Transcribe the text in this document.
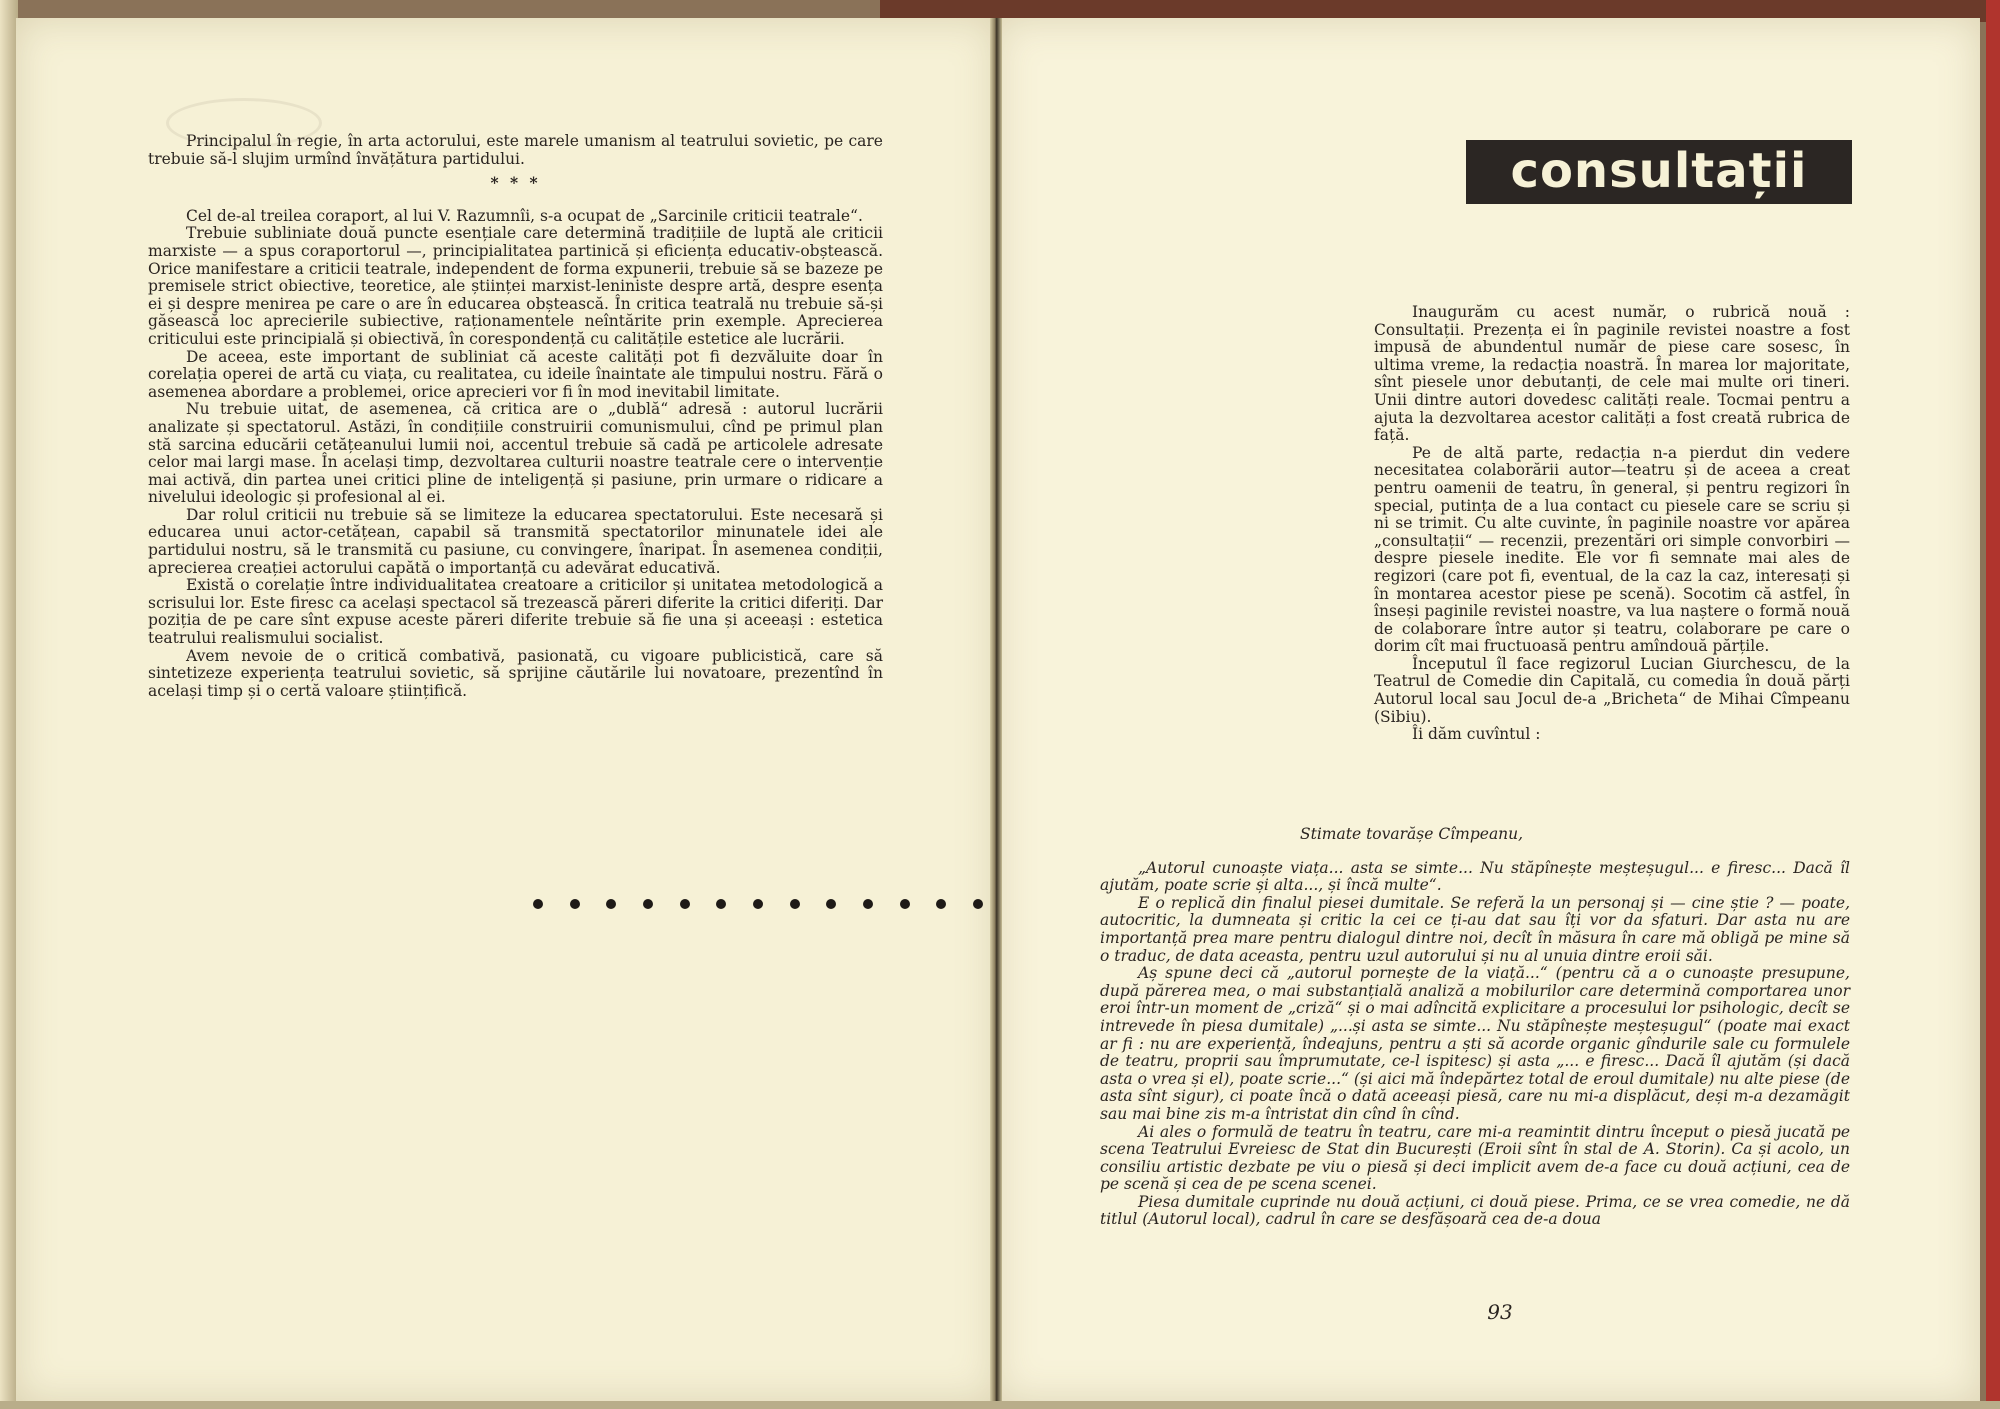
Principalul în regie, în arta actorului, este marele umanism al teatrului sovietic, pe care trebuie să-l slujim urmînd învățătura partidului.

* * *

Cel de-al treilea coraport, al lui V. Razumnîi, s-a ocupat de „Sarcinile criticii teatrale“.

Trebuie subliniate două puncte esențiale care determină tradițiile de luptă ale criticii marxiste — a spus coraportorul —, principialitatea partinică și eficiența educativ-obștească. Orice manifestare a criticii teatrale, independent de forma expunerii, trebuie să se bazeze pe premisele strict obiective, teoretice, ale științei marxist-leniniste despre artă, despre esența ei și despre menirea pe care o are în educarea obștească. În critica teatrală nu trebuie să-și găsească loc aprecierile subiective, raționamentele neîntărite prin exemple. Aprecierea criticului este principială și obiectivă, în corespondență cu calitățile estetice ale lucrării.

De aceea, este important de subliniat că aceste calități pot fi dezvăluite doar în corelația operei de artă cu viața, cu realitatea, cu ideile înaintate ale timpului nostru. Fără o asemenea abordare a problemei, orice aprecieri vor fi în mod inevitabil limitate.

Nu trebuie uitat, de asemenea, că critica are o „dublă“ adresă : autorul lucrării analizate și spectatorul. Astăzi, în condițiile construirii comunismului, cînd pe primul plan stă sarcina educării cetățeanului lumii noi, accentul trebuie să cadă pe articolele adresate celor mai largi mase. În același timp, dezvoltarea culturii noastre teatrale cere o intervenție mai activă, din partea unei critici pline de inteligență și pasiune, prin urmare o ridicare a nivelului ideologic și profesional al ei.

Dar rolul criticii nu trebuie să se limiteze la educarea spectatorului. Este necesară și educarea unui actor-cetățean, capabil să transmită spectatorilor minunatele idei ale partidului nostru, să le transmită cu pasiune, cu convingere, înaripat. În asemenea condiții, aprecierea creației actorului capătă o importanță cu adevărat educativă.

Există o corelație între individualitatea creatoare a criticilor și unitatea metodologică a scrisului lor. Este firesc ca același spectacol să trezească păreri diferite la critici diferiți. Dar poziția de pe care sînt expuse aceste păreri diferite trebuie să fie una și aceeași : estetica teatrului realismului socialist.

Avem nevoie de o critică combativă, pasionată, cu vigoare publicistică, care să sintetizeze experiența teatrului sovietic, să sprijine căutările lui novatoare, prezentînd în același timp și o certă valoare științifică.

consultații

Inaugurăm cu acest număr, o rubrică nouă : Consultații. Prezența ei în paginile revistei noastre a fost impusă de abundentul număr de piese care sosesc, în ultima vreme, la redacția noastră. În marea lor majoritate, sînt piesele unor debutanți, de cele mai multe ori tineri. Unii dintre autori dovedesc calități reale. Tocmai pentru a ajuta la dezvoltarea acestor calități a fost creată rubrica de față.

Pe de altă parte, redacția n-a pierdut din vedere necesitatea colaborării autor—teatru și de aceea a creat pentru oamenii de teatru, în general, și pentru regizori în special, putința de a lua contact cu piesele care se scriu și ni se trimit. Cu alte cuvinte, în paginile noastre vor apărea „consultații“ — recenzii, prezentări ori simple convorbiri — despre piesele inedite. Ele vor fi semnate mai ales de regizori (care pot fi, eventual, de la caz la caz, interesați și în montarea acestor piese pe scenă). Socotim că astfel, în înseși paginile revistei noastre, va lua naștere o formă nouă de colaborare între autor și teatru, colaborare pe care o dorim cît mai fructuoasă pentru amîndouă părțile.

Începutul îl face regizorul Lucian Giurchescu, de la Teatrul de Comedie din Capitală, cu comedia în două părți Autorul local sau Jocul de-a „Bricheta“ de Mihai Cîmpeanu (Sibiu).

Îi dăm cuvîntul :

Stimate tovarășe Cîmpeanu,

„Autorul cunoaște viața... asta se simte... Nu stăpînește meșteșugul... e firesc... Dacă îl ajutăm, poate scrie și alta..., și încă multe“.

E o replică din finalul piesei dumitale. Se referă la un personaj și — cine știe ? — poate, autocritic, la dumneata și critic la cei ce ți-au dat sau îți vor da sfaturi. Dar asta nu are importanță prea mare pentru dialogul dintre noi, decît în măsura în care mă obligă pe mine să o traduc, de data aceasta, pentru uzul autorului și nu al unuia dintre eroii săi.

Aș spune deci că „autorul pornește de la viață...“ (pentru că a o cunoaște presupune, după părerea mea, o mai substanțială analiză a mobilurilor care determină comportarea unor eroi într-un moment de „criză“ și o mai adîncită explicitare a procesului lor psihologic, decît se intrevede în piesa dumitale) „...și asta se simte... Nu stăpînește meșteșugul“ (poate mai exact ar fi : nu are experiență, îndeajuns, pentru a ști să acorde organic gîndurile sale cu formulele de teatru, proprii sau împrumutate, ce-l ispitesc) și asta „... e firesc... Dacă îl ajutăm (și dacă asta o vrea și el), poate scrie...“ (și aici mă îndepărtez total de eroul dumitale) nu alte piese (de asta sînt sigur), ci poate încă o dată aceeași piesă, care nu mi-a displăcut, deși m-a dezamăgit sau mai bine zis m-a întristat din cînd în cînd.

Ai ales o formulă de teatru în teatru, care mi-a reamintit dintru început o piesă jucată pe scena Teatrului Evreiesc de Stat din București (Eroii sînt în stal de A. Storin). Ca și acolo, un consiliu artistic dezbate pe viu o piesă și deci implicit avem de-a face cu două acțiuni, cea de pe scenă și cea de pe scena scenei.

Piesa dumitale cuprinde nu două acțiuni, ci două piese. Prima, ce se vrea comedie, ne dă titlul (Autorul local), cadrul în care se desfășoară cea de-a doua

93
